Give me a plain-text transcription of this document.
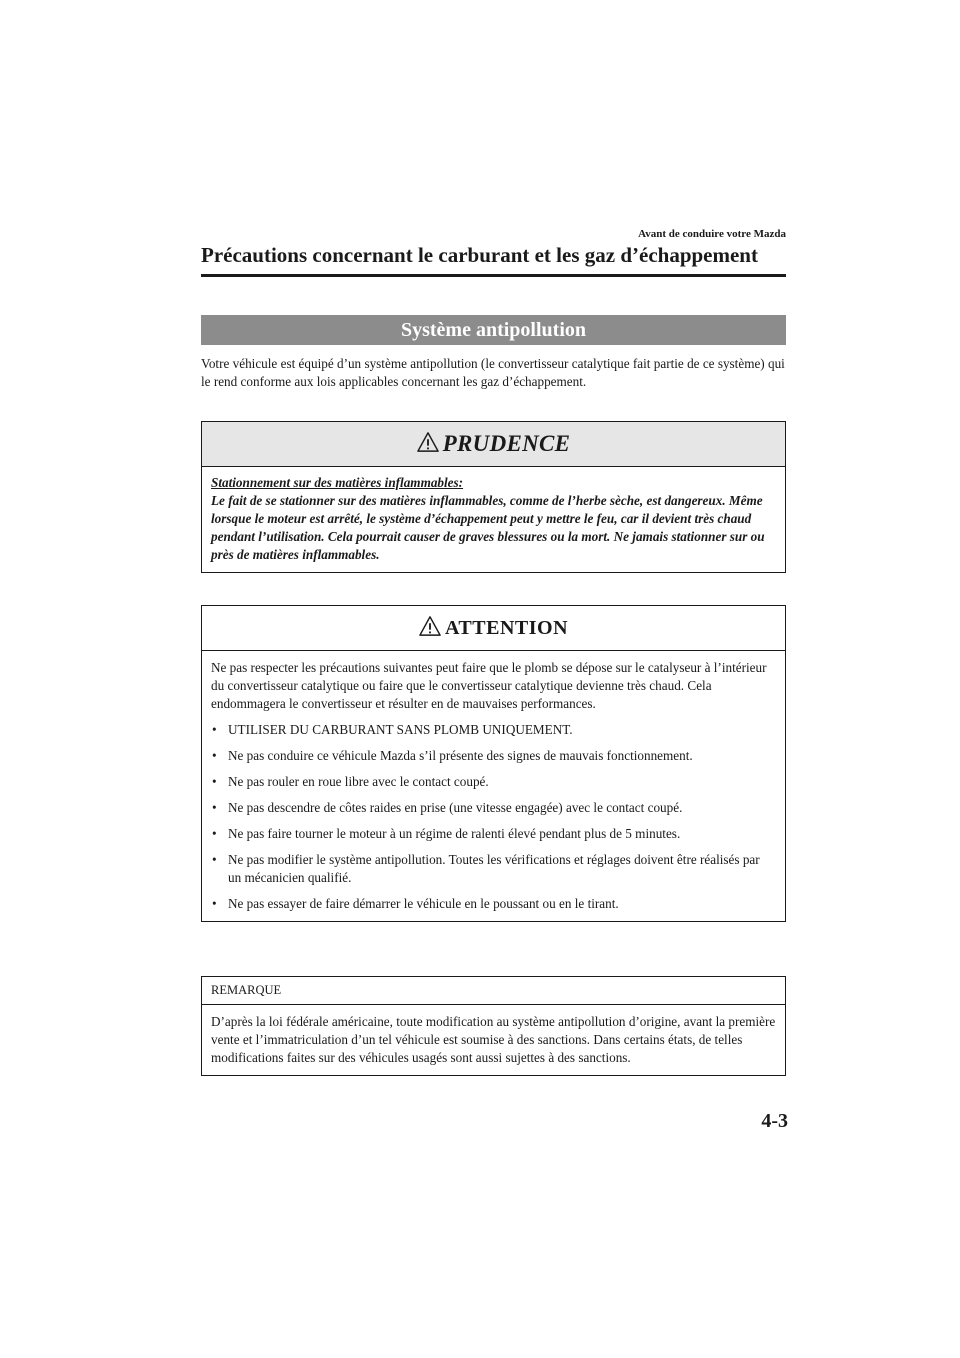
Avant de conduire votre Mazda
Précautions concernant le carburant et les gaz d’échappement
Système antipollution
Votre véhicule est équipé d’un système antipollution (le convertisseur catalytique fait partie de ce système) qui le rend conforme aux lois applicables concernant les gaz d’échappement.
PRUDENCE
Stationnement sur des matières inflammables:
Le fait de se stationner sur des matières inflammables, comme de l’herbe sèche, est dangereux. Même lorsque le moteur est arrêté, le système d’échappement peut y mettre le feu, car il devient très chaud pendant l’utilisation. Cela pourrait causer de graves blessures ou la mort. Ne jamais stationner sur ou près de matières inflammables.
ATTENTION
Ne pas respecter les précautions suivantes peut faire que le plomb se dépose sur le catalyseur à l’intérieur du convertisseur catalytique ou faire que le convertisseur catalytique devienne très chaud. Cela endommagera le convertisseur et résulter en de mauvaises performances.
• UTILISER DU CARBURANT SANS PLOMB UNIQUEMENT.
• Ne pas conduire ce véhicule Mazda s’il présente des signes de mauvais fonctionnement.
• Ne pas rouler en roue libre avec le contact coupé.
• Ne pas descendre de côtes raides en prise (une vitesse engagée) avec le contact coupé.
• Ne pas faire tourner le moteur à un régime de ralenti élevé pendant plus de 5 minutes.
• Ne pas modifier le système antipollution. Toutes les vérifications et réglages doivent être réalisés par un mécanicien qualifié.
• Ne pas essayer de faire démarrer le véhicule en le poussant ou en le tirant.
REMARQUE
D’après la loi fédérale américaine, toute modification au système antipollution d’origine, avant la première vente et l’immatriculation d’un tel véhicule est soumise à des sanctions. Dans certains états, de telles modifications faites sur des véhicules usagés sont aussi sujettes à des sanctions.
4-3
